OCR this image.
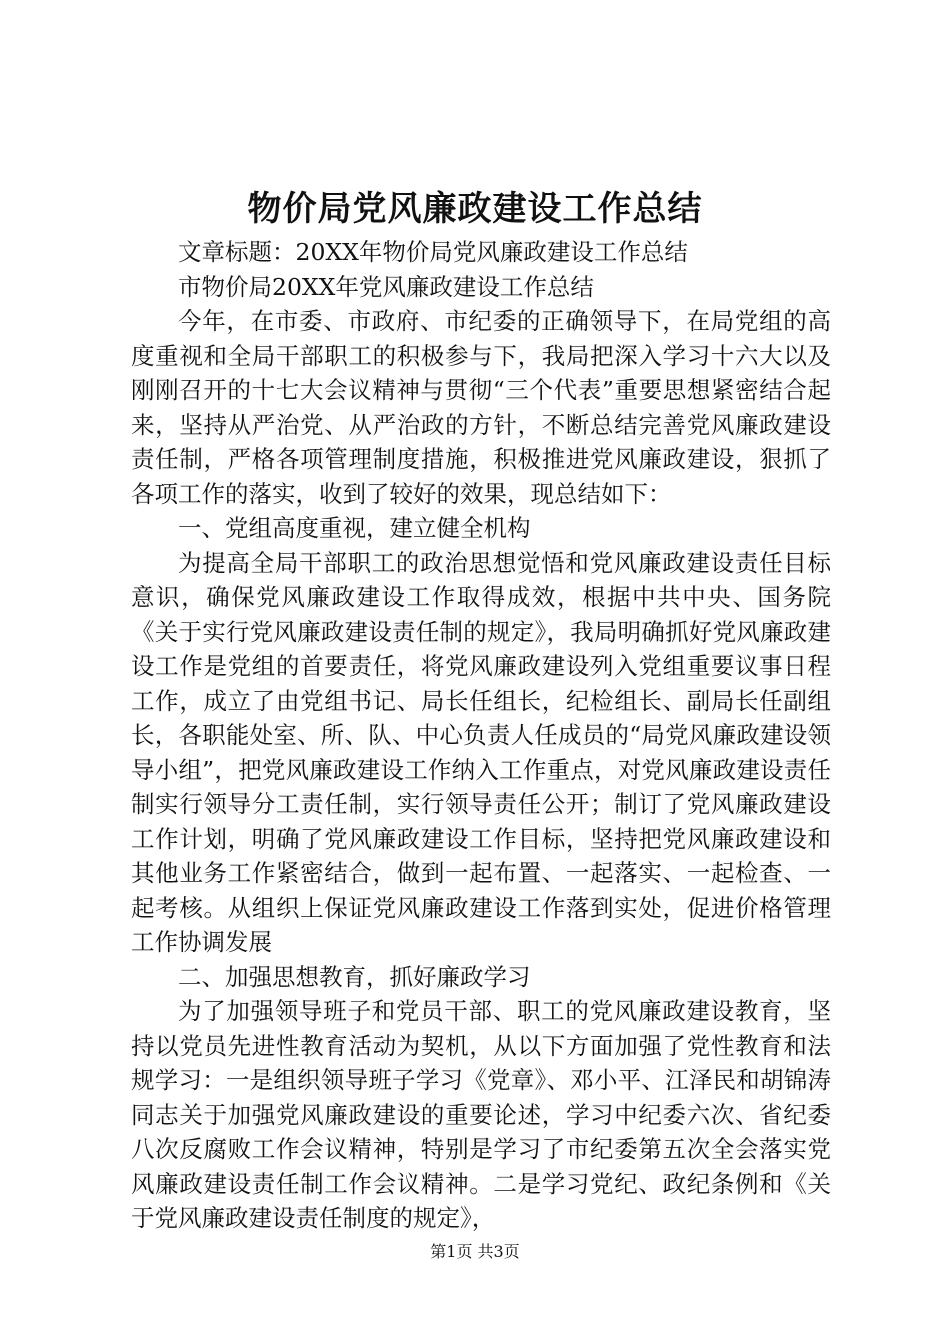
物价局党风廉政建设工作总结

文章标题：20XX年物价局党风廉政建设工作总结

市物价局20XX年党风廉政建设工作总结

今年，在市委、市政府、市纪委的正确领导下，在局党组的高度重视和全局干部职工的积极参与下，我局把深入学习十六大以及刚刚召开的十七大会议精神与贯彻“三个代表”重要思想紧密结合起来，坚持从严治党、从严治政的方针，不断总结完善党风廉政建设责任制，严格各项管理制度措施，积极推进党风廉政建设，狠抓了各项工作的落实，收到了较好的效果，现总结如下：

一、党组高度重视，建立健全机构

为提高全局干部职工的政治思想觉悟和党风廉政建设责任目标意识，确保党风廉政建设工作取得成效，根据中共中央、国务院《关于实行党风廉政建设责任制的规定》，我局明确抓好党风廉政建设工作是党组的首要责任，将党风廉政建设列入党组重要议事日程工作，成立了由党组书记、局长任组长，纪检组长、副局长任副组长，各职能处室、所、队、中心负责人任成员的“局党风廉政建设领导小组”，把党风廉政建设工作纳入工作重点，对党风廉政建设责任制实行领导分工责任制，实行领导责任公开；制订了党风廉政建设工作计划，明确了党风廉政建设工作目标，坚持把党风廉政建设和其他业务工作紧密结合，做到一起布置、一起落实、一起检查、一起考核。从组织上保证党风廉政建设工作落到实处，促进价格管理工作协调发展

二、加强思想教育，抓好廉政学习

为了加强领导班子和党员干部、职工的党风廉政建设教育，坚持以党员先进性教育活动为契机，从以下方面加强了党性教育和法规学习：一是组织领导班子学习《党章》、邓小平、江泽民和胡锦涛同志关于加强党风廉政建设的重要论述，学习中纪委六次、省纪委八次反腐败工作会议精神，特别是学习了市纪委第五次全会落实党风廉政建设责任制工作会议精神。二是学习党纪、政纪条例和《关于党风廉政建设责任制度的规定》，

第1页 共3页
